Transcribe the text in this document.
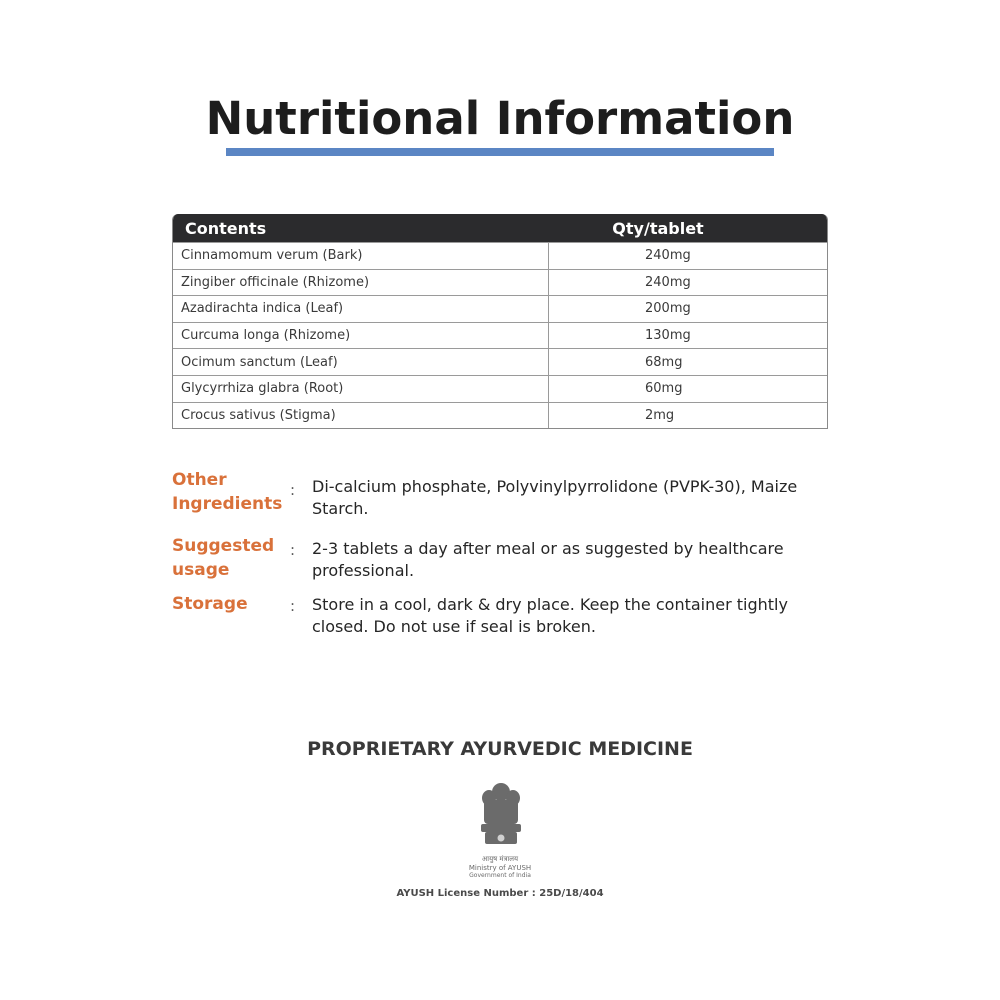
Nutritional Information
Contents	Qty/tablet
Cinnamomum verum (Bark)	240mg
Zingiber officinale (Rhizome)	240mg
Azadirachta indica (Leaf)	200mg
Curcuma longa (Rhizome)	130mg
Ocimum sanctum (Leaf)	68mg
Glycyrrhiza glabra (Root)	60mg
Crocus sativus (Stigma)	2mg
Other Ingredients
:	Di-calcium phosphate, Polyvinylpyrrolidone (PVPK-30), Maize Starch.
Suggested usage
:	2-3 tablets a day after meal or as suggested by healthcare professional.
Storage	:	Store in a cool, dark & dry place. Keep the container tightly closed. Do not use if seal is broken.
PROPRIETARY AYURVEDIC MEDICINE
आयुष मंत्रालय
Ministry of AYUSH
Government of India
AYUSH License Number : 25D/18/404
